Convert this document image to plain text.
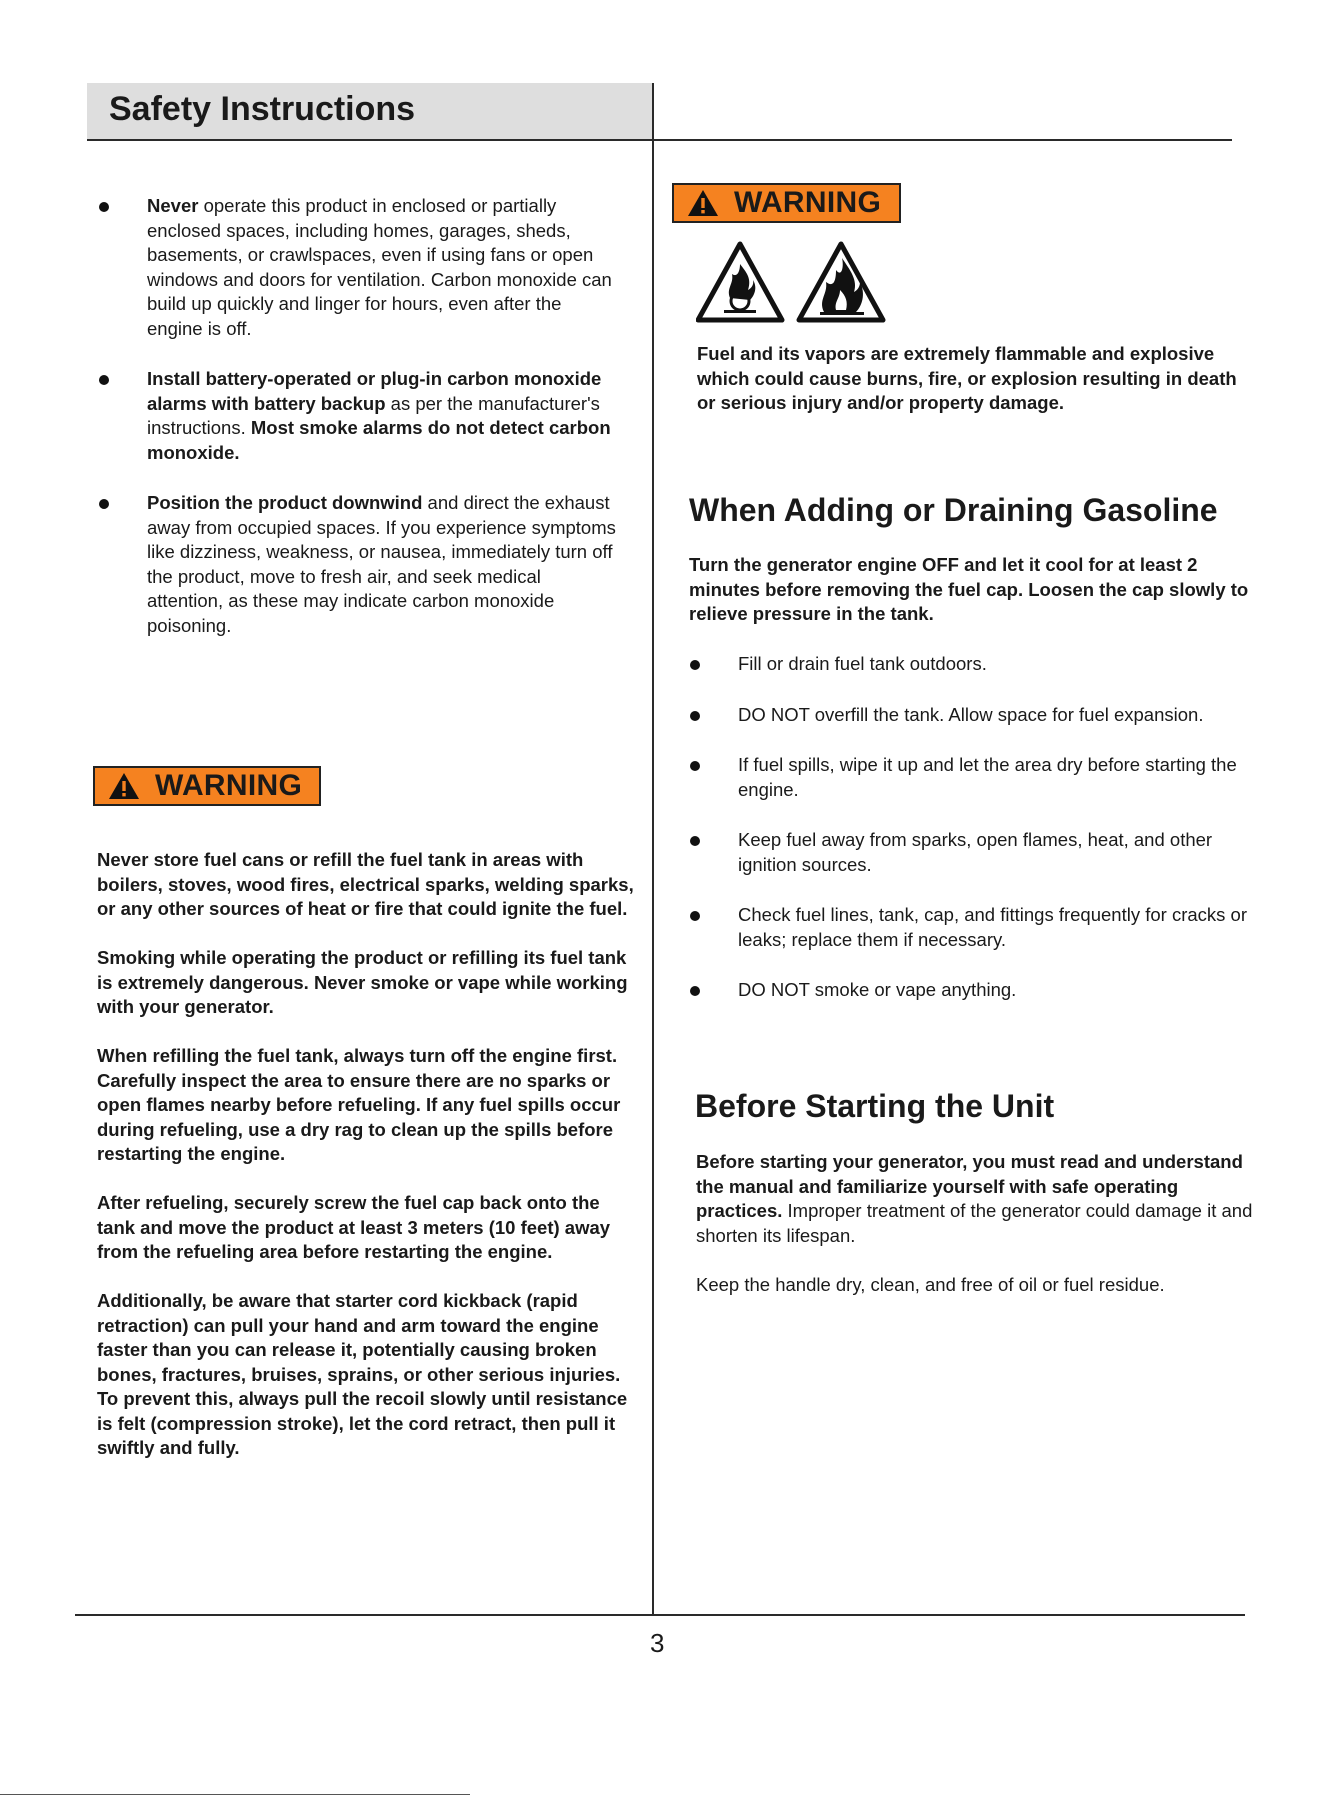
Safety Instructions
Never operate this product in enclosed or partially enclosed spaces, including homes, garages, sheds, basements, or crawlspaces, even if using fans or open windows and doors for ventilation. Carbon monoxide can build up quickly and linger for hours, even after the engine is off.
Install battery-operated or plug-in carbon monoxide alarms with battery backup as per the manufacturer's instructions. Most smoke alarms do not detect carbon monoxide.
Position the product downwind and direct the exhaust away from occupied spaces. If you experience symptoms like dizziness, weakness, or nausea, immediately turn off the product, move to fresh air, and seek medical attention, as these may indicate carbon monoxide poisoning.
WARNING

Never store fuel cans or refill the fuel tank in areas with boilers, stoves, wood fires, electrical sparks, welding sparks, or any other sources of heat or fire that could ignite the fuel.

Smoking while operating the product or refilling its fuel tank is extremely dangerous. Never smoke or vape while working with your generator.

When refilling the fuel tank, always turn off the engine first. Carefully inspect the area to ensure there are no sparks or open flames nearby before refueling. If any fuel spills occur during refueling, use a dry rag to clean up the spills before restarting the engine.

After refueling, securely screw the fuel cap back onto the tank and move the product at least 3 meters (10 feet) away from the refueling area before restarting the engine.

Additionally, be aware that starter cord kickback (rapid retraction) can pull your hand and arm toward the engine faster than you can release it, potentially causing broken bones, fractures, bruises, sprains, or other serious injuries. To prevent this, always pull the recoil slowly until resistance is felt (compression stroke), let the cord retract, then pull it swiftly and fully.

WARNING
Fuel and its vapors are extremely flammable and explosive which could cause burns, fire, or explosion resulting in death or serious injury and/or property damage.
When Adding or Draining Gasoline
Turn the generator engine OFF and let it cool for at least 2 minutes before removing the fuel cap. Loosen the cap slowly to relieve pressure in the tank.
Fill or drain fuel tank outdoors.
DO NOT overfill the tank. Allow space for fuel expansion.
If fuel spills, wipe it up and let the area dry before starting the engine.
Keep fuel away from sparks, open flames, heat, and other ignition sources.
Check fuel lines, tank, cap, and fittings frequently for cracks or leaks; replace them if necessary.
DO NOT smoke or vape anything.
Before Starting the Unit

Before starting your generator, you must read and understand the manual and familiarize yourself with safe operating practices. Improper treatment of the generator could damage it and shorten its lifespan.

Keep the handle dry, clean, and free of oil or fuel residue.

3
